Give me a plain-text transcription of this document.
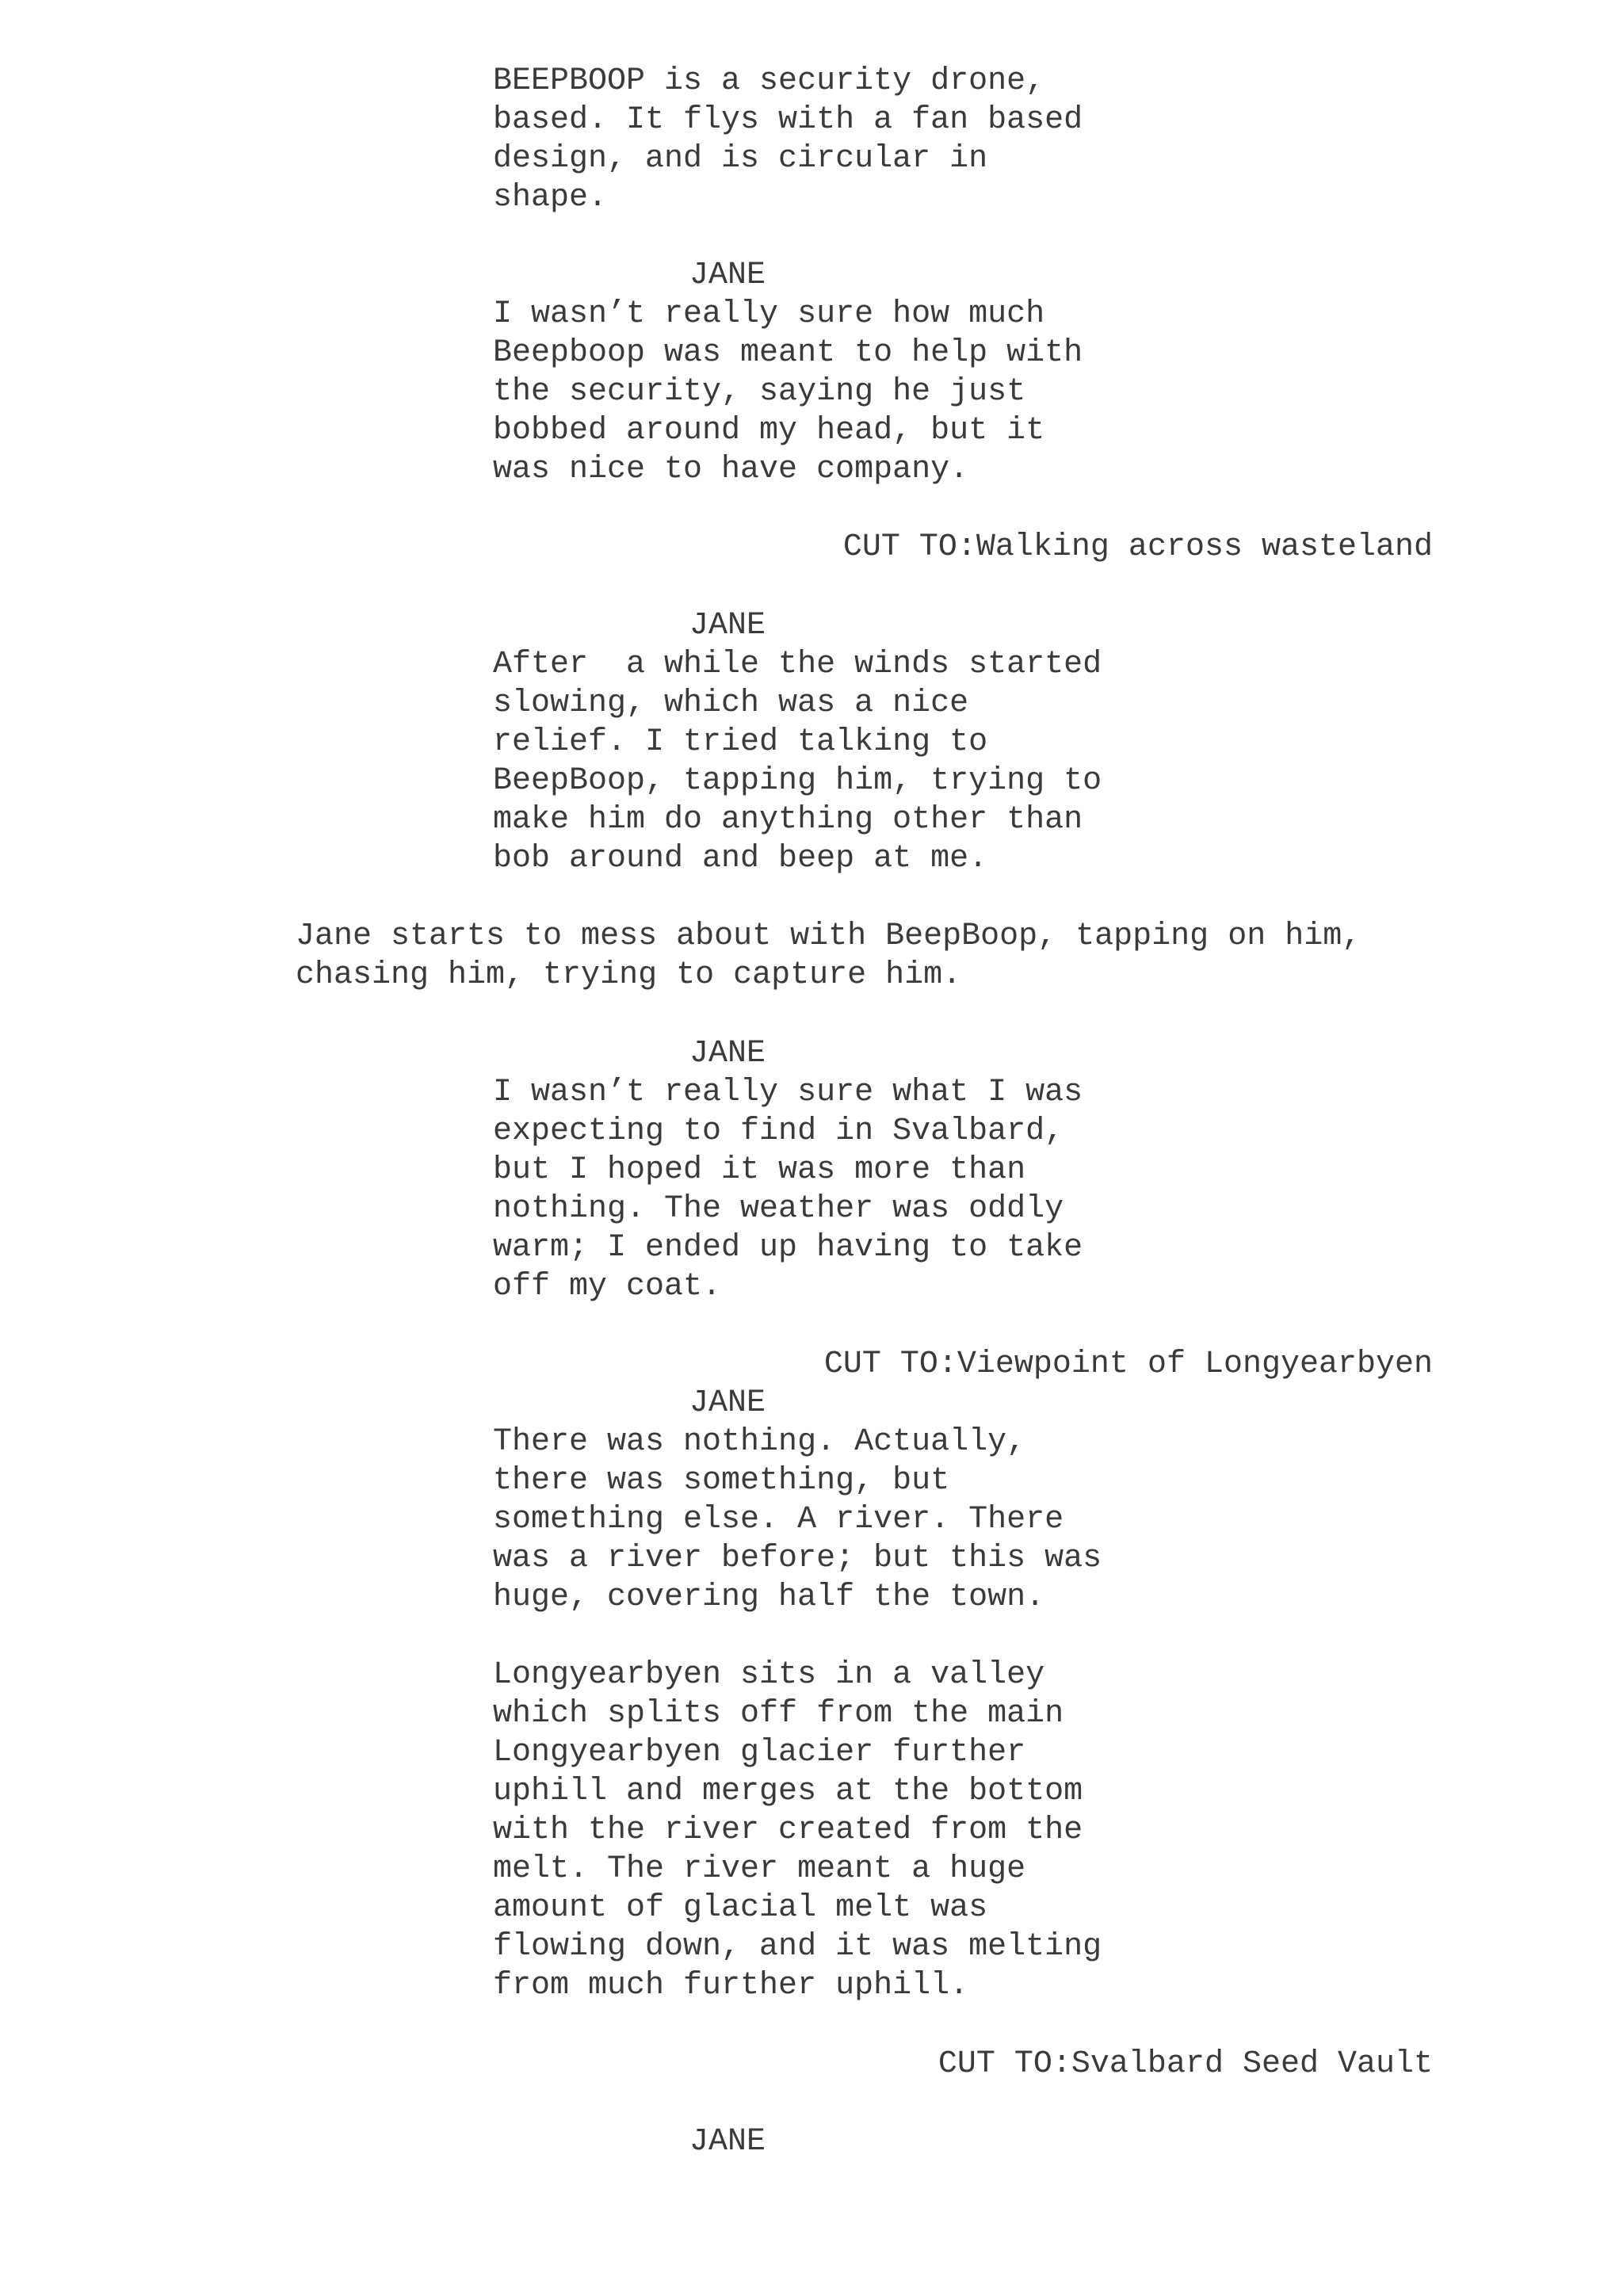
BEEPBOOP is a security drone,
based. It flys with a fan based
design, and is circular in
shape.
JANE
I wasn’t really sure how much
Beepboop was meant to help with
the security, saying he just
bobbed around my head, but it
was nice to have company.
CUT TO:Walking across wasteland
JANE
After  a while the winds started
slowing, which was a nice
relief. I tried talking to
BeepBoop, tapping him, trying to
make him do anything other than
bob around and beep at me.
Jane starts to mess about with BeepBoop, tapping on him,
chasing him, trying to capture him.
JANE
I wasn’t really sure what I was
expecting to find in Svalbard,
but I hoped it was more than
nothing. The weather was oddly
warm; I ended up having to take
off my coat.
CUT TO:Viewpoint of Longyearbyen
JANE
There was nothing. Actually,
there was something, but
something else. A river. There
was a river before; but this was
huge, covering half the town.
Longyearbyen sits in a valley
which splits off from the main
Longyearbyen glacier further
uphill and merges at the bottom
with the river created from the
melt. The river meant a huge
amount of glacial melt was
flowing down, and it was melting
from much further uphill.
CUT TO:Svalbard Seed Vault
JANE
